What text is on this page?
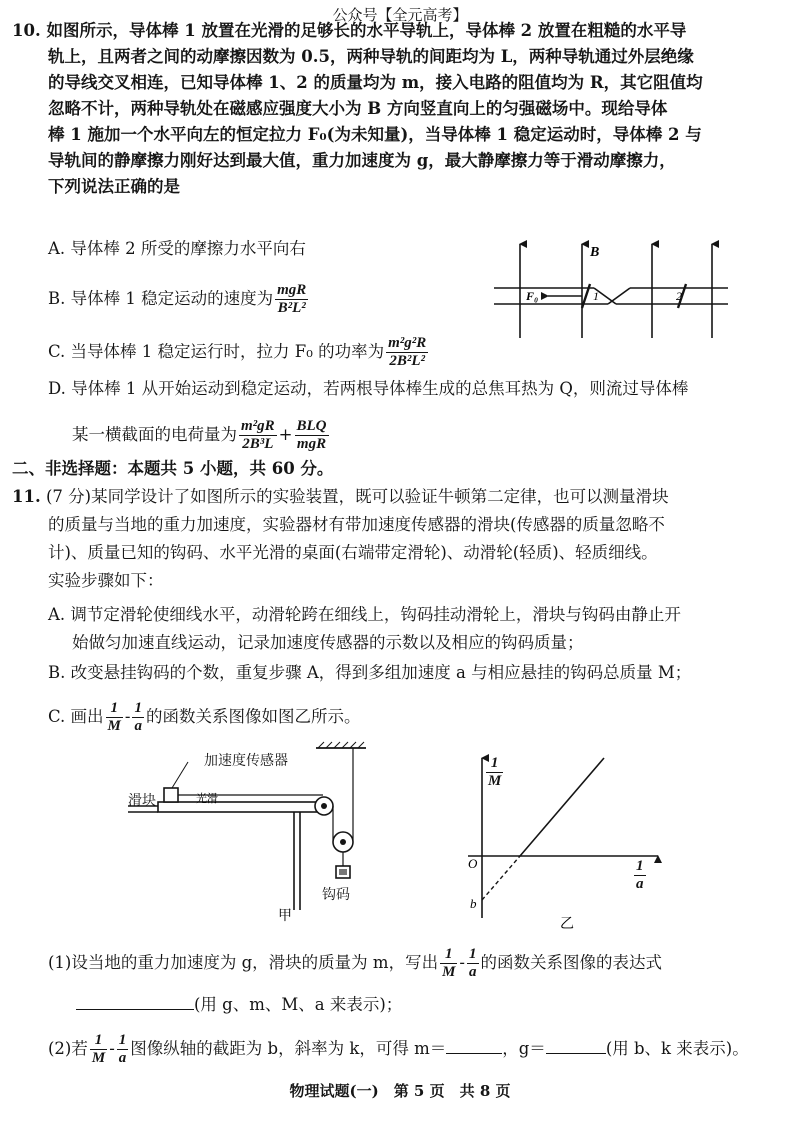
公众号【全元高考】
10. 如图所示，导体棒 1 放置在光滑的足够长的水平导轨上，导体棒 2 放置在粗糙的水平导
轨上，且两者之间的动摩擦因数为 0.5，两种导轨的间距均为 L，两种导轨通过外层绝缘
的导线交叉相连，已知导体棒 1、2 的质量均为 m，接入电路的阻值均为 R，其它阻值均
忽略不计，两种导轨处在磁感应强度大小为 B 方向竖直向上的匀强磁场中。现给导体
棒 1 施加一个水平向左的恒定拉力 F₀(为未知量)，当导体棒 1 稳定运动时，导体棒 2 与
导轨间的静摩擦力刚好达到最大值，重力加速度为 g，最大静摩擦力等于滑动摩擦力，
下列说法正确的是
A. 导体棒 2 所受的摩擦力水平向右
B. 导体棒 1 稳定运动的速度为 $\frac{\text{mgR}}{\text{B²L²}}$
C. 当导体棒 1 稳定运行时，拉力 F₀ 的功率为 $\frac{\text{m²g²R}}{\text{2B²L²}}$
D. 导体棒 1 从开始运动到稳定运动，若两根导体棒生成的总焦耳热为 Q，则流过导体棒
某一横截面的电荷量为 $\frac{\text{m²gR}}{\text{2B³L}} + \frac{\text{BLQ}}{\text{mgR}}$
B
1	2
F₀
二、非选择题：本题共 5 小题，共 60 分。
11. (7 分)某同学设计了如图所示的实验装置，既可以验证牛顿第二定律，也可以测量滑块
的质量与当地的重力加速度，实验器材有带加速度传感器的滑块(传感器的质量忽略不
计)、质量已知的钩码、水平光滑的桌面(右端带定滑轮)、动滑轮(轻质)、轻质细线。
实验步骤如下：
A. 调节定滑轮使细线水平，动滑轮跨在细线上，钩码挂动滑轮上，滑块与钩码由静止开
始做匀加速直线运动，记录加速度传感器的示数以及相应的钩码质量；
B. 改变悬挂钩码的个数，重复步骤 A，得到多组加速度 a 与相应悬挂的钩码总质量 M；
C. 画出 $\frac{1}{M} - \frac{1}{a}$ 的函数关系图像如图乙所示。
光滑
甲
加速度传感器
滑块
钩码
O
b
乙
$\frac{1}{M}$
$\frac{1}{a}$
(1)设当地的重力加速度为 g，滑块的质量为 m，写出 $\frac{1}{M} - \frac{1}{a}$ 的函数关系图像的表达式
(用 g、m、M、a 来表示)；
(2)若 $\frac{1}{M} - \frac{1}{a}$ 图像纵轴的截距为 b，斜率为 k，可得 m＝	，g＝	(用 b、k 来表示)。
物理试题(一)　第 5 页　共 8 页
